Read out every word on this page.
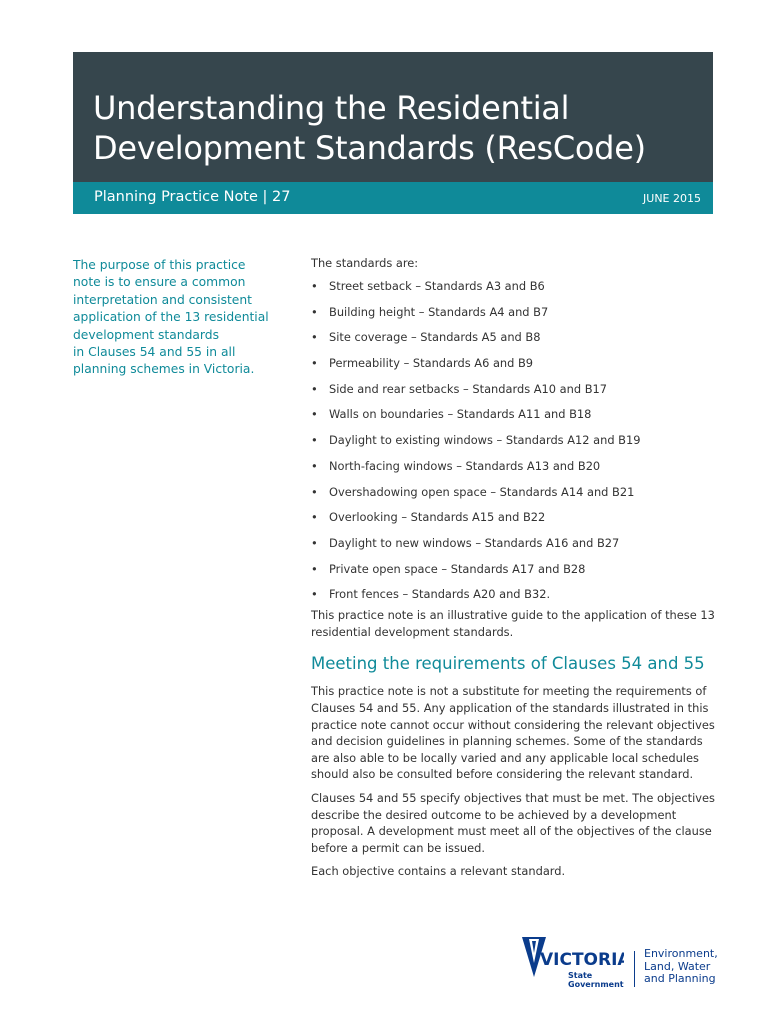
Understanding the Residential
Development Standards (ResCode)
Planning Practice Note | 27	JUNE 2015
The purpose of this practice
note is to ensure a common
interpretation and consistent
application of the 13 residential
development standards
in Clauses 54 and 55 in all
planning schemes in Victoria.

The standards are:

• Street setback – Standards A3 and B6
• Building height – Standards A4 and B7
• Site coverage – Standards A5 and B8
• Permeability – Standards A6 and B9
• Side and rear setbacks – Standards A10 and B17
• Walls on boundaries – Standards A11 and B18
• Daylight to existing windows – Standards A12 and B19
• North-facing windows – Standards A13 and B20
• Overshadowing open space – Standards A14 and B21
• Overlooking – Standards A15 and B22
• Daylight to new windows – Standards A16 and B27
• Private open space – Standards A17 and B28
• Front fences – Standards A20 and B32.

This practice note is an illustrative guide to the application of these 13
residential development standards.

Meeting the requirements of Clauses 54 and 55

This practice note is not a substitute for meeting the requirements of
Clauses 54 and 55. Any application of the standards illustrated in this
practice note cannot occur without considering the relevant objectives
and decision guidelines in planning schemes. Some of the standards
are also able to be locally varied and any applicable local schedules
should also be consulted before considering the relevant standard.

Clauses 54 and 55 specify objectives that must be met. The objectives
describe the desired outcome to be achieved by a development
proposal. A development must meet all of the objectives of the clause
before a permit can be issued.

Each objective contains a relevant standard.

VICTORIA
State
Government
Environment,
Land, Water
and Planning
